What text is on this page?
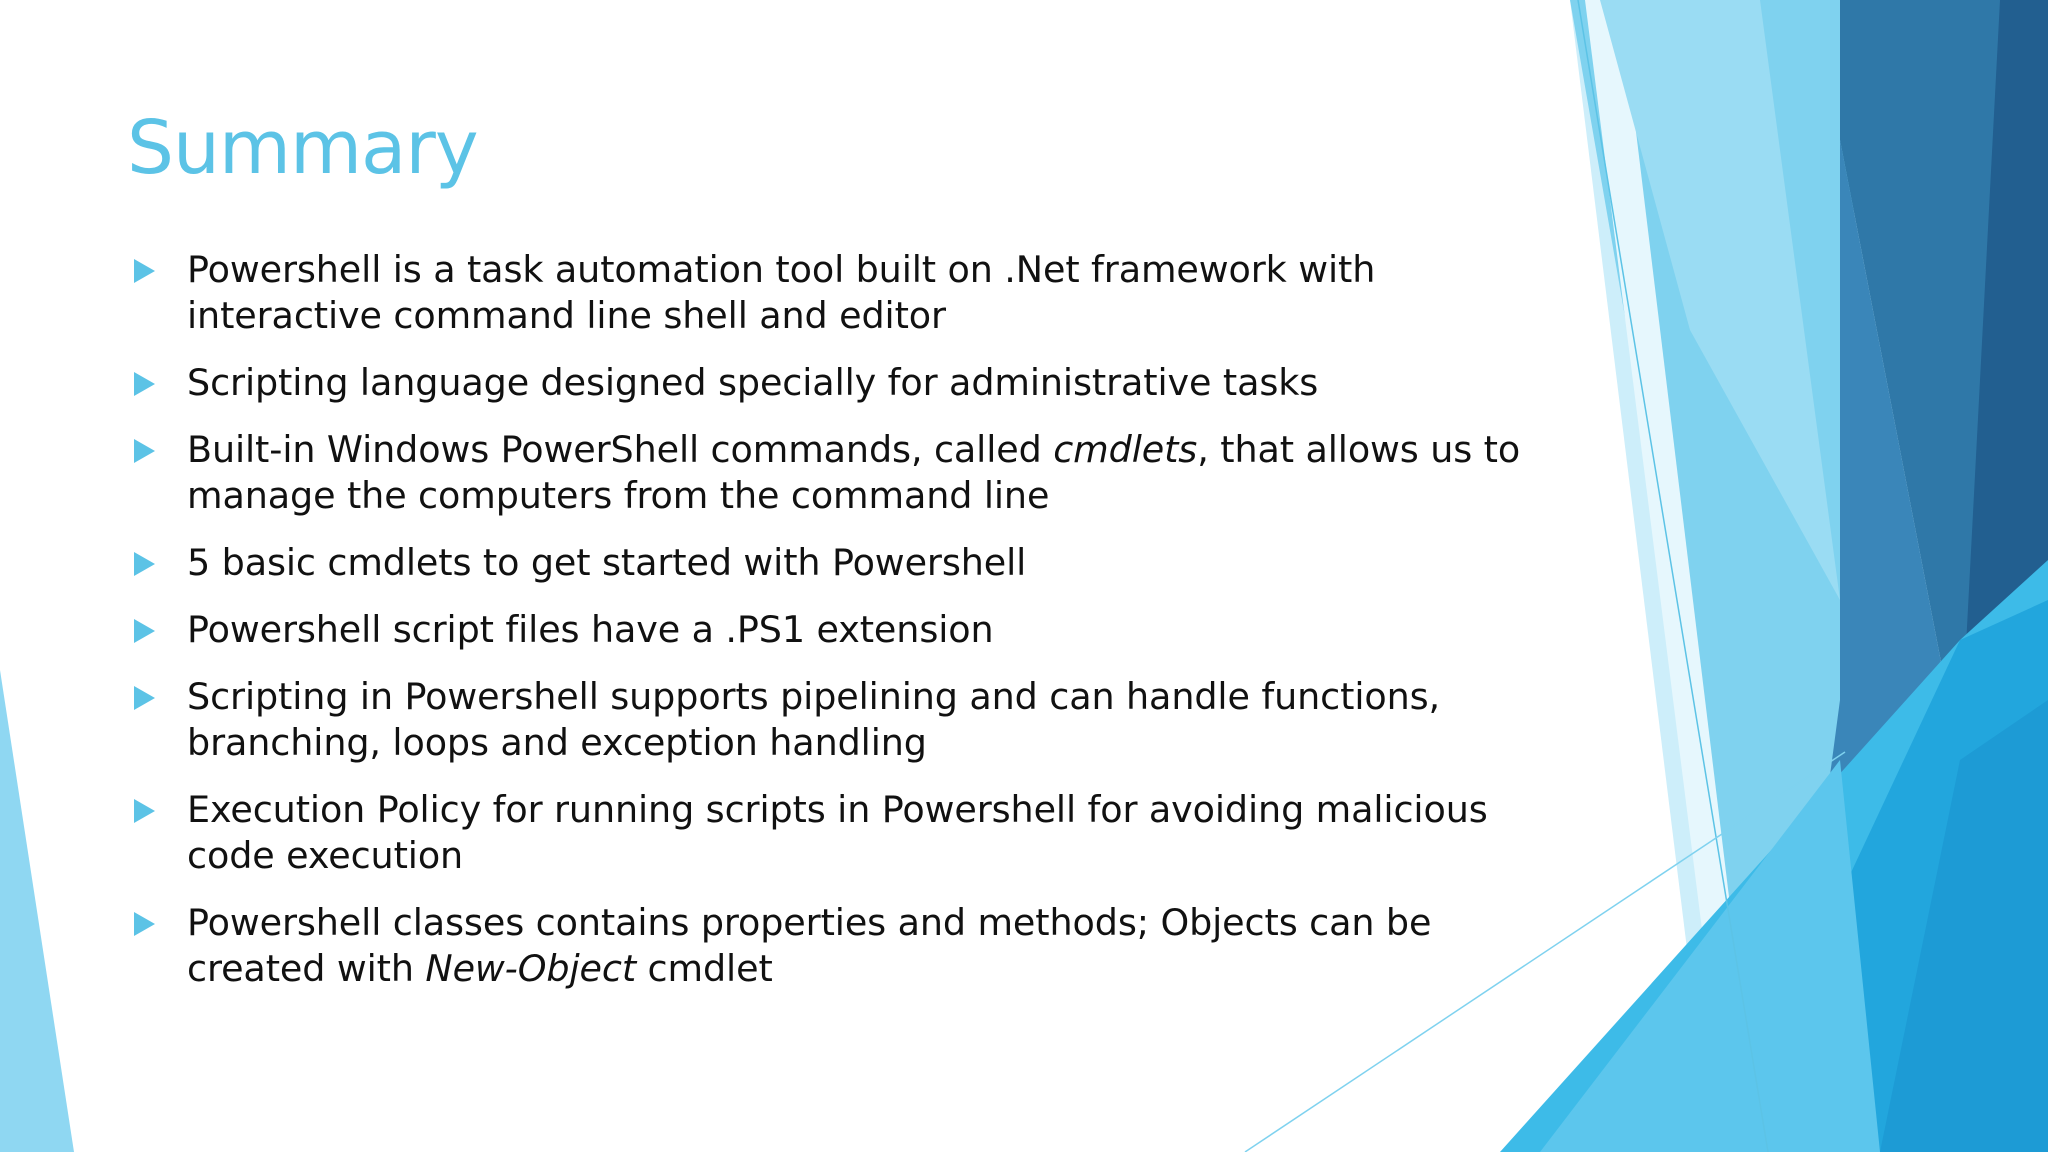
Summary
Powershell is a task automation tool built on .Net framework with interactive command line shell and editor
Scripting language designed specially for administrative tasks
Built-in Windows PowerShell commands, called cmdlets, that allows us to manage the computers from the command line
5 basic cmdlets to get started with Powershell
Powershell script files have a .PS1 extension
Scripting in Powershell supports pipelining and can handle functions, branching, loops and exception handling
Execution Policy for running scripts in Powershell for avoiding malicious code execution
Powershell classes contains properties and methods; Objects can be created with New-Object cmdlet
